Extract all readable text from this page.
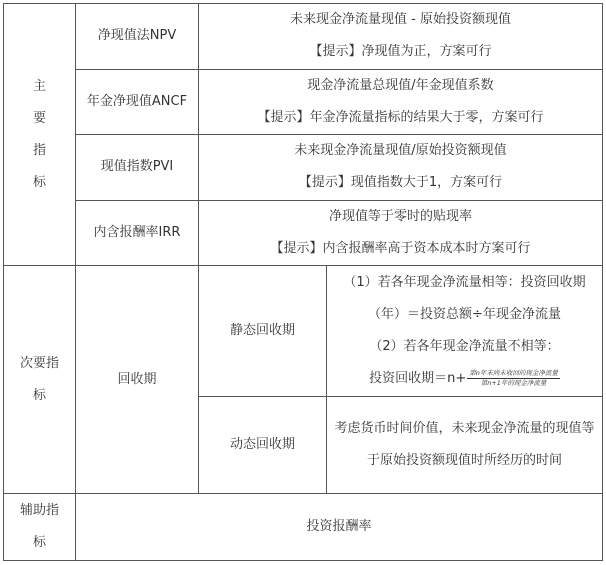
主要指标	净现值法NPV	未来现金净流量现值 - 原始投资额现值
【提示】净现值为正，方案可行	

	年金净现值ANCF	现金净流量总现值/年金现值系数
【提示】年金净流量指标的结果大于零，方案可行	

	现值指数PVI	未来现金净流量现值/原始投资额现值
【提示】现值指数大于1，方案可行	

	内含报酬率IRR	净现值等于零时的贴现率
【提示】内含报酬率高于资本成本时方案可行	

次要指标	回收期	静态回收期	（1）若各年现金净流量相等：投资回收期（年）＝投资总额÷年现金净流量
（2）若各年现金净流量不相等：
投资回收期$=n+ \frac{\text{第n年末尚未收回的现金净流量}}{\text{第n+1年的现金净流量}}$

		动态回收期	考虑货币时间价值，未来现金净流量的现值等 于原始投资额现值时所经历的时间
辅助指标	投资报酬率		
